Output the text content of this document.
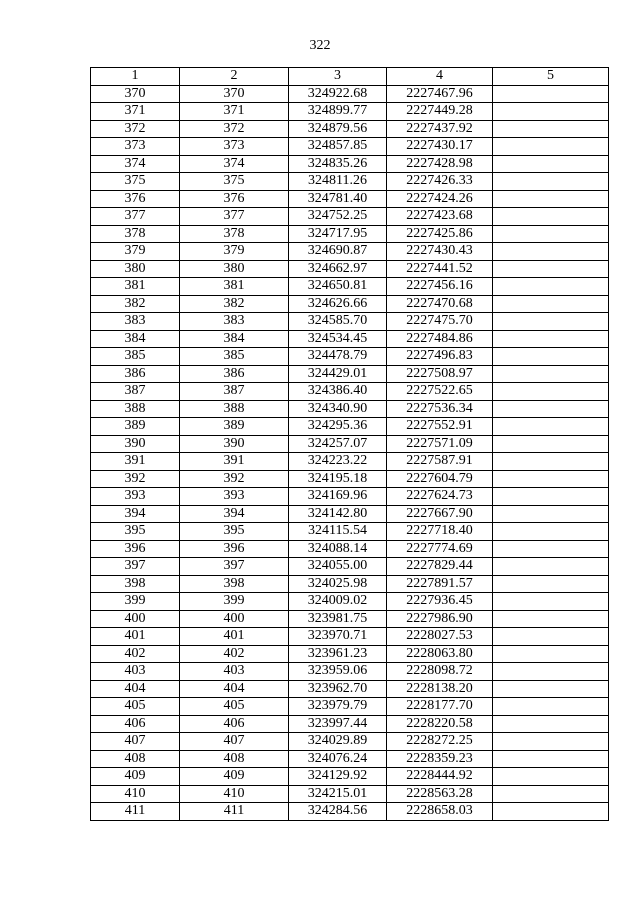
322
1	2	3	4	5
370	370	324922.68	2227467.96	
371	371	324899.77	2227449.28	
372	372	324879.56	2227437.92	
373	373	324857.85	2227430.17	
374	374	324835.26	2227428.98	
375	375	324811.26	2227426.33	
376	376	324781.40	2227424.26	
377	377	324752.25	2227423.68	
378	378	324717.95	2227425.86	
379	379	324690.87	2227430.43	
380	380	324662.97	2227441.52	
381	381	324650.81	2227456.16	
382	382	324626.66	2227470.68	
383	383	324585.70	2227475.70	
384	384	324534.45	2227484.86	
385	385	324478.79	2227496.83	
386	386	324429.01	2227508.97	
387	387	324386.40	2227522.65	
388	388	324340.90	2227536.34	
389	389	324295.36	2227552.91	
390	390	324257.07	2227571.09	
391	391	324223.22	2227587.91	
392	392	324195.18	2227604.79	
393	393	324169.96	2227624.73	
394	394	324142.80	2227667.90	
395	395	324115.54	2227718.40	
396	396	324088.14	2227774.69	
397	397	324055.00	2227829.44	
398	398	324025.98	2227891.57	
399	399	324009.02	2227936.45	
400	400	323981.75	2227986.90	
401	401	323970.71	2228027.53	
402	402	323961.23	2228063.80	
403	403	323959.06	2228098.72	
404	404	323962.70	2228138.20	
405	405	323979.79	2228177.70	
406	406	323997.44	2228220.58	
407	407	324029.89	2228272.25	
408	408	324076.24	2228359.23	
409	409	324129.92	2228444.92	
410	410	324215.01	2228563.28	
411	411	324284.56	2228658.03	
